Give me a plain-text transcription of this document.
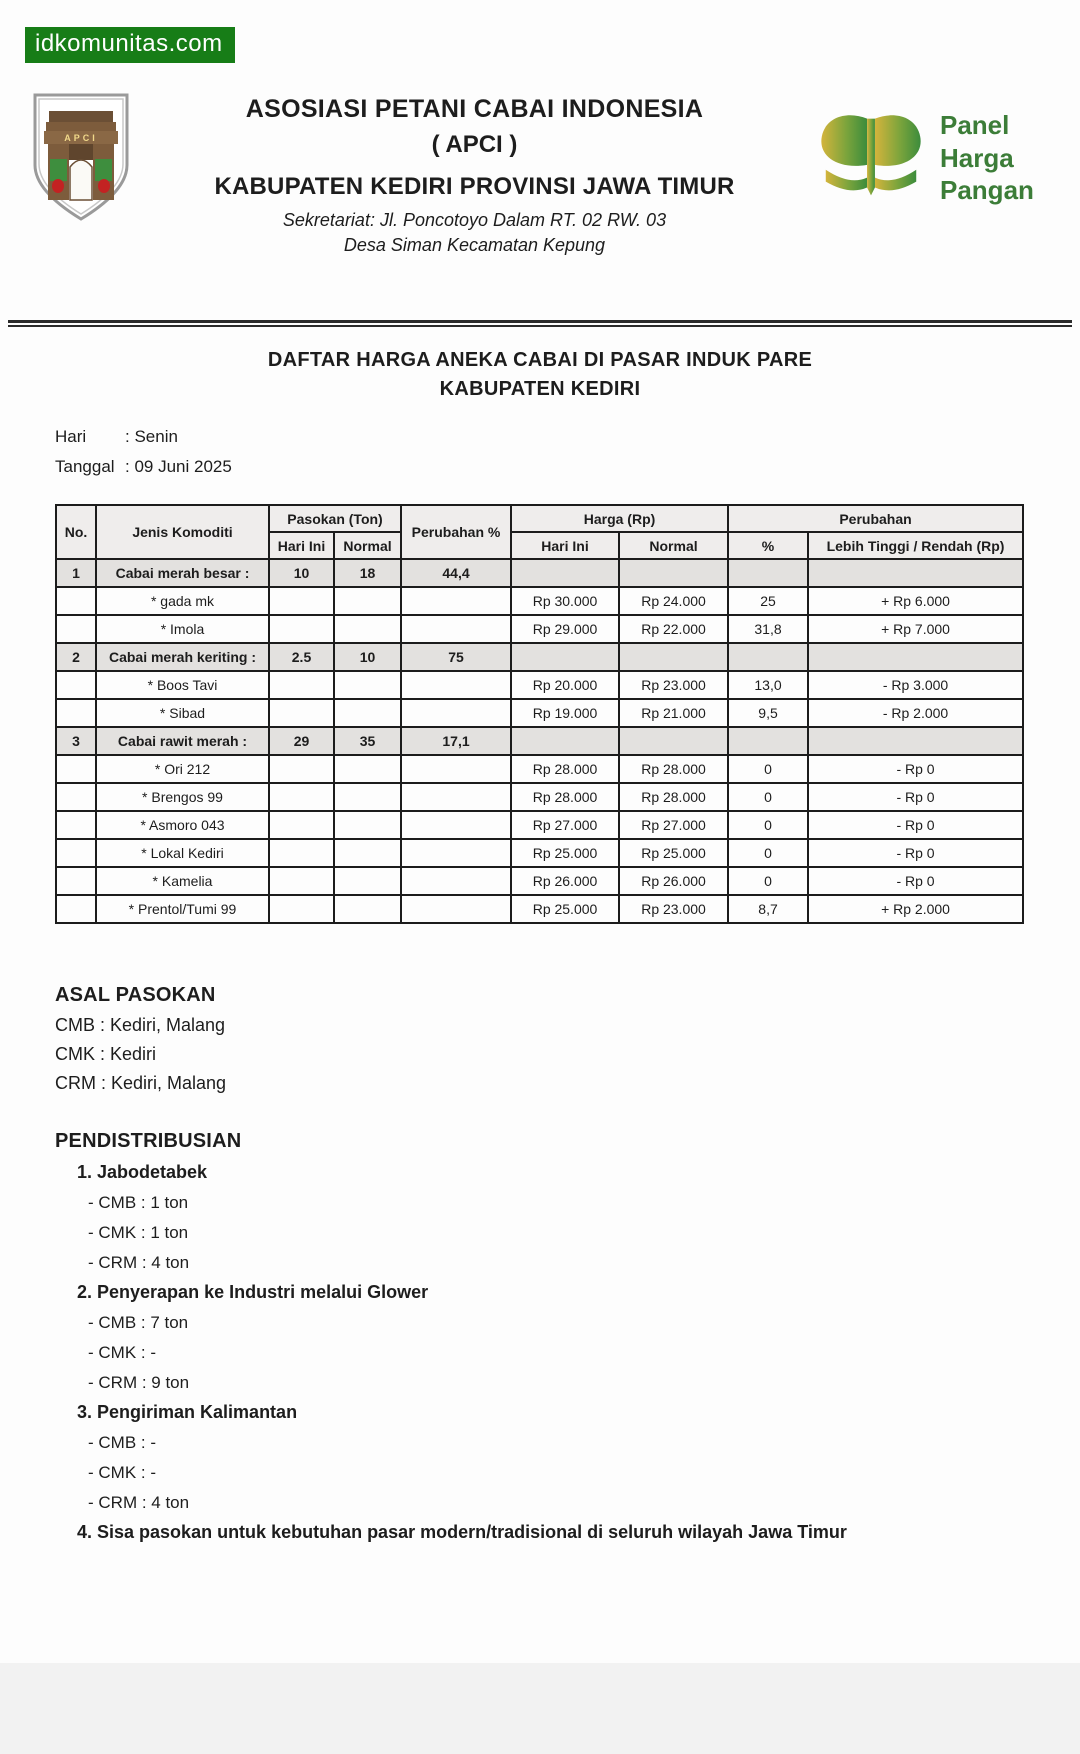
idkomunitas.com
APCI
ASOSIASI PETANI CABAI INDONESIA
( APCI )
KABUPATEN KEDIRI PROVINSI JAWA TIMUR
Sekretariat: Jl. Poncotoyo Dalam RT. 02 RW. 03
Desa Siman Kecamatan Kepung
Panel
Harga
Pangan
DAFTAR HARGA ANEKA CABAI DI PASAR INDUK PARE
KABUPATEN KEDIRI
Hari : Senin
Tanggal : 09 Juni 2025
No.	Jenis Komoditi	Pasokan (Ton)		Perubahan %	Harga (Rp)		Perubahan	
		Hari Ini	Normal		Hari Ini	Normal	%	Lebih Tinggi / Rendah (Rp)
1	Cabai merah besar :	10	18	44,4				
	* gada mk				Rp 30.000	Rp 24.000	25	+ Rp 6.000
	* Imola				Rp 29.000	Rp 22.000	31,8	+ Rp 7.000
2	Cabai merah keriting :	2.5	10	75				
	* Boos Tavi				Rp 20.000	Rp 23.000	13,0	- Rp 3.000
	* Sibad				Rp 19.000	Rp 21.000	9,5	- Rp 2.000
3	Cabai rawit merah :	29	35	17,1				
	* Ori 212				Rp 28.000	Rp 28.000	0	- Rp 0
	* Brengos 99				Rp 28.000	Rp 28.000	0	- Rp 0
	* Asmoro 043				Rp 27.000	Rp 27.000	0	- Rp 0
	* Lokal Kediri				Rp 25.000	Rp 25.000	0	- Rp 0
	* Kamelia				Rp 26.000	Rp 26.000	0	- Rp 0
	* Prentol/Tumi 99				Rp 25.000	Rp 23.000	8,7	+ Rp 2.000
ASAL PASOKAN
CMB : Kediri, Malang
CMK : Kediri
CRM : Kediri, Malang
PENDISTRIBUSIAN
1. Jabodetabek
- CMB : 1 ton
- CMK : 1 ton
- CRM : 4 ton
2. Penyerapan ke Industri melalui Glower
- CMB : 7 ton
- CMK : -
- CRM : 9 ton
3. Pengiriman Kalimantan
- CMB : -
- CMK : -
- CRM : 4 ton
4. Sisa pasokan untuk kebutuhan pasar modern/tradisional di seluruh wilayah Jawa Timur
